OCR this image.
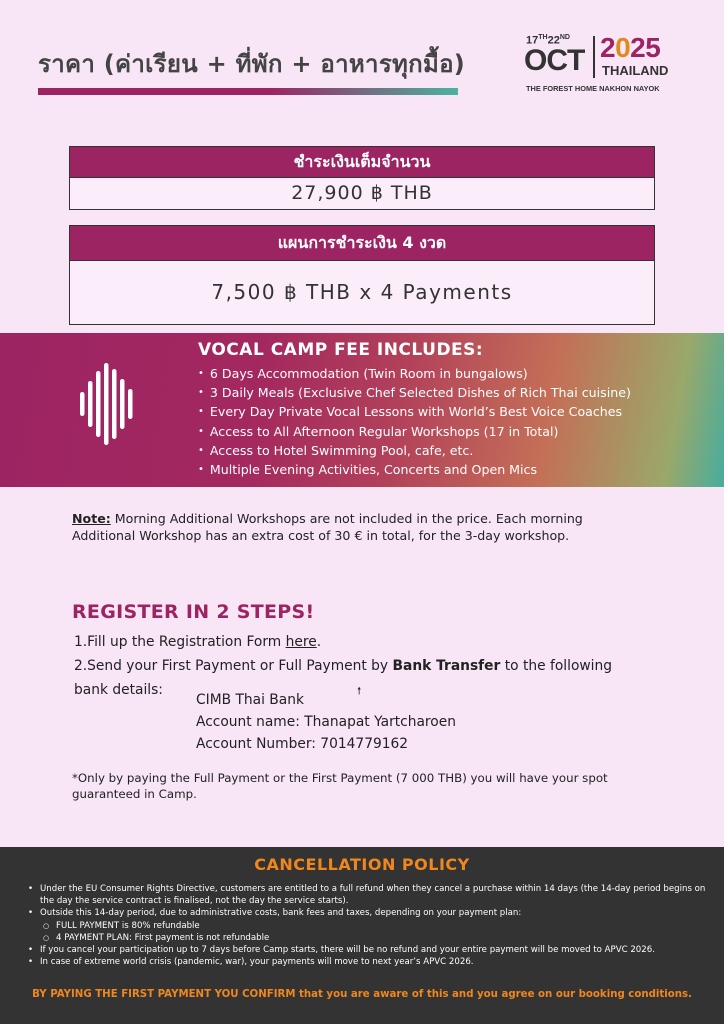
ราคา (ค่าเรียน + ที่พัก + อาหารทุกมื้อ)
17TH22ND
OCT 2025
THAILAND
THE FOREST HOME NAKHON NAYOK
ชำระเงินเต็มจำนวน
27,900 ฿ THB
แผนการชำระเงิน 4 งวด
7,500 ฿ THB x 4 Payments
VOCAL CAMP FEE INCLUDES:
• 6 Days Accommodation (Twin Room in bungalows)
• 3 Daily Meals (Exclusive Chef Selected Dishes of Rich Thai cuisine)
• Every Day Private Vocal Lessons with World’s Best Voice Coaches
• Access to All Afternoon Regular Workshops (17 in Total)
• Access to Hotel Swimming Pool, cafe, etc.
• Multiple Evening Activities, Concerts and Open Mics

Note: Morning Additional Workshops are not included in the price. Each morning Additional Workshop has an extra cost of 30 € in total, for the 3-day workshop.

REGISTER IN 2 STEPS!
1.Fill up the Registration Form here.
2.Send your First Payment or Full Payment by Bank Transfer to the following
bank details:	🠕
CIMB Thai Bank
Account name: Thanapat Yartcharoen
Account Number: 7014779162

*Only by paying the Full Payment or the First Payment (7 000 THB) you will have your spot guaranteed in Camp.

CANCELLATION POLICY
• Under the EU Consumer Rights Directive, customers are entitled to a full refund when they cancel a purchase within 14 days (the 14-day period begins on the day the service contract is finalised, not the day the service starts).
• Outside this 14-day period, due to administrative costs, bank fees and taxes, depending on your payment plan:
○ FULL PAYMENT is 80% refundable
○ 4 PAYMENT PLAN: First payment is not refundable
• If you cancel your participation up to 7 days before Camp starts, there will be no refund and your entire payment will be moved to APVC 2026.
• In case of extreme world crisis (pandemic, war), your payments will move to next year’s APVC 2026.
BY PAYING THE FIRST PAYMENT YOU CONFIRM that you are aware of this and you agree on our booking conditions.
